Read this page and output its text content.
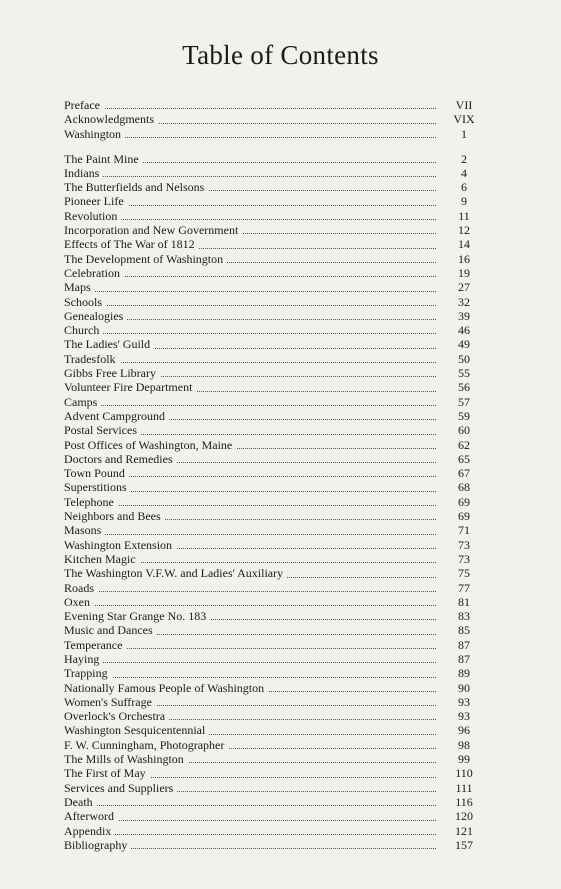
Table of Contents
Preface	VII
Acknowledgments	VIX
Washington	1
The Paint Mine	2
Indians	4
The Butterfields and Nelsons	6
Pioneer Life	9
Revolution	11
Incorporation and New Government	12
Effects of The War of 1812	14
The Development of Washington	16
Celebration	19
Maps	27
Schools	32
Genealogies	39
Church	46
The Ladies' Guild	49
Tradesfolk	50
Gibbs Free Library	55
Volunteer Fire Department	56
Camps	57
Advent Campground	59
Postal Services	60
Post Offices of Washington, Maine	62
Doctors and Remedies	65
Town Pound	67
Superstitions	68
Telephone	69
Neighbors and Bees	69
Masons	71
Washington Extension	73
Kitchen Magic	73
The Washington V.F.W. and Ladies' Auxiliary	75
Roads	77
Oxen	81
Evening Star Grange No. 183	83
Music and Dances	85
Temperance	87
Haying	87
Trapping	89
Nationally Famous People of Washington	90
Women's Suffrage	93
Overlock's Orchestra	93
Washington Sesquicentennial	96
F. W. Cunningham, Photographer	98
The Mills of Washington	99
The First of May	110
Services and Suppliers	111
Death	116
Afterword	120
Appendix	121
Bibliography	157
